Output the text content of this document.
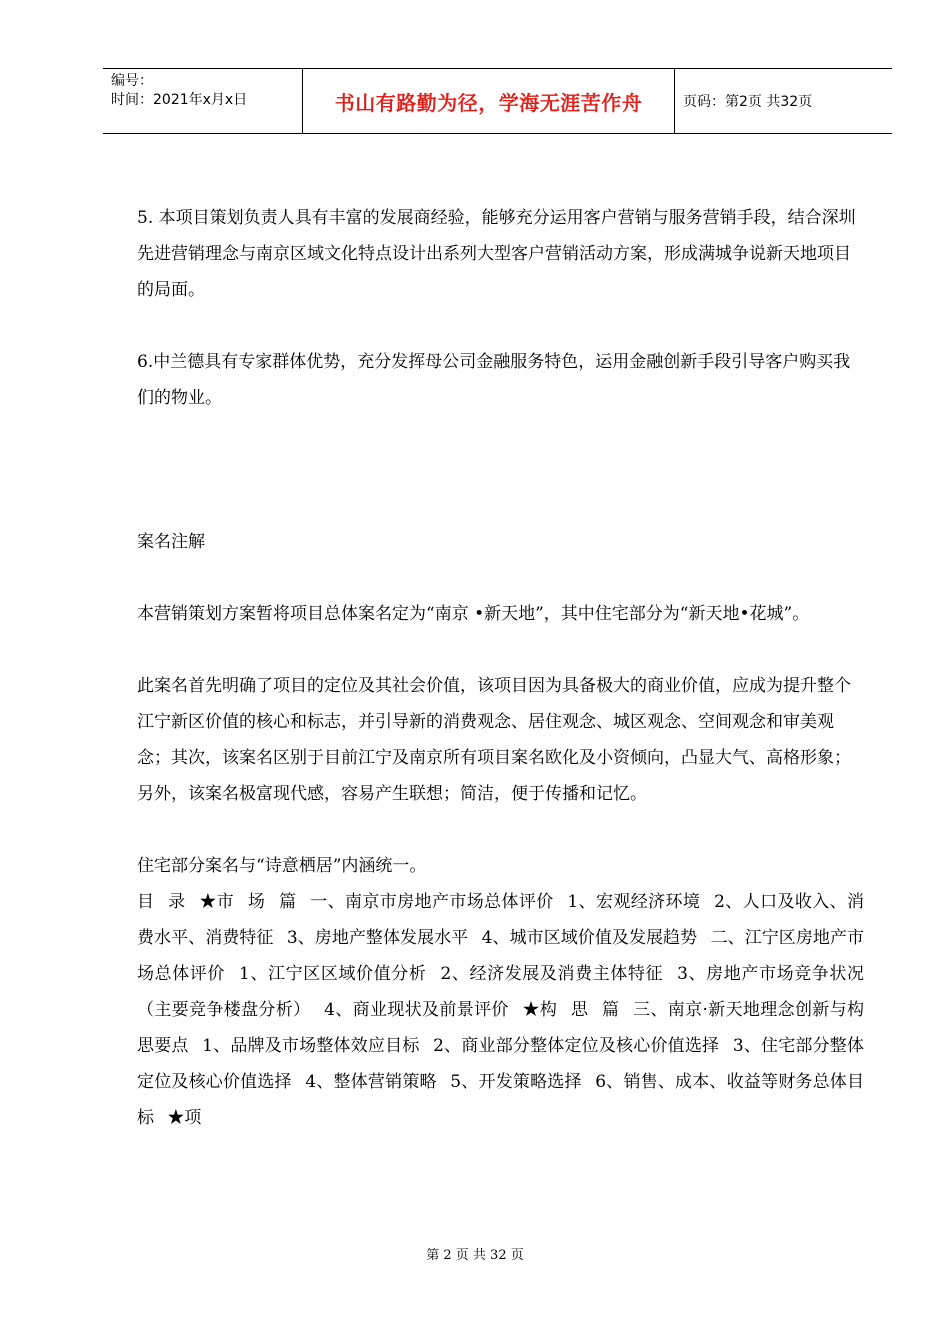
编号：
时间：2021年x月x日	书山有路勤为径，学海无涯苦作舟	页码：第2页 共32页

5. 本项目策划负责人具有丰富的发展商经验，能够充分运用客户营销与服务营销手段，结合深圳先进营销理念与南京区域文化特点设计出系列大型客户营销活动方案，形成满城争说新天地项目的局面。

6.中兰德具有专家群体优势，充分发挥母公司金融服务特色，运用金融创新手段引导客户购买我们的物业。

案名注解

本营销策划方案暂将项目总体案名定为“南京 •新天地”，其中住宅部分为“新天地•花城”。

此案名首先明确了项目的定位及其社会价值，该项目因为具备极大的商业价值，应成为提升整个江宁新区价值的核心和标志，并引导新的消费观念、居住观念、城区观念、空间观念和审美观念；其次，该案名区别于目前江宁及南京所有项目案名欧化及小资倾向，凸显大气、高格形象；另外，该案名极富现代感，容易产生联想；简洁，便于传播和记忆。

住宅部分案名与“诗意栖居”内涵统一。

目 录 ★市 场 篇 一、南京市房地产市场总体评价 1、宏观经济环境 2、人口及收入、消费水平、消费特征 3、房地产整体发展水平 4、城市区域价值及发展趋势 二、江宁区房地产市场总体评价 1、江宁区区域价值分析 2、经济发展及消费主体特征 3、房地产市场竞争状况（主要竞争楼盘分析） 4、商业现状及前景评价 ★构 思 篇 三、南京·新天地理念创新与构思要点 1、品牌及市场整体效应目标 2、商业部分整体定位及核心价值选择 3、住宅部分整体定位及核心价值选择 4、整体营销策略 5、开发策略选择 6、销售、成本、收益等财务总体目标 ★项

第 2 页 共 32 页
